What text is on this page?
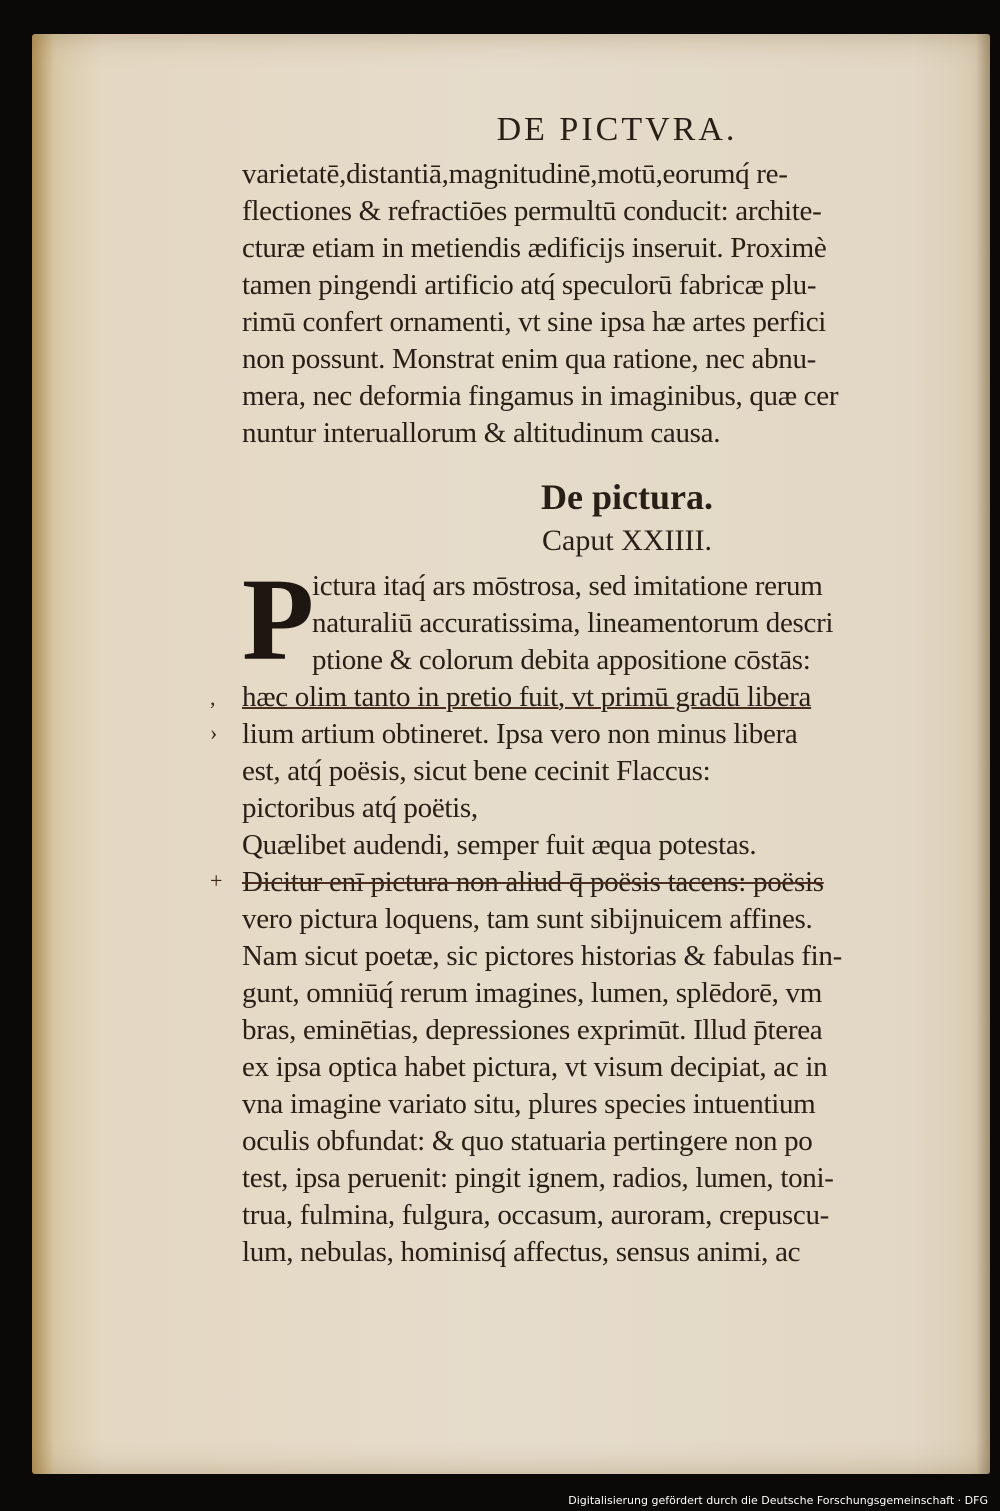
DE PICTVRA.
varietatē,distantiā,magnitudinē,motū,eorumq́ re-
flectiones & refractiōes permultū conducit: archite-
cturæ etiam in metiendis ædificijs inseruit. Proximè
tamen pingendi artificio atq́ speculorū fabricæ plu-
rimū confert ornamenti, vt sine ipsa hæ artes perfici
non possunt. Monstrat enim qua ratione, nec abnu-
mera, nec deformia fingamus in imaginibus, quæ cer
nuntur interuallorum & altitudinum causa.
De pictura.
Caput XXIIII.
P
ictura itaq́ ars mōstrosa, sed imitatione rerum
naturaliū accuratissima, lineamentorum descri
ptione & colorum debita appositione cōstās:
, hæc olim tanto in pretio fuit, vt primū gradū libera
› lium artium obtineret. Ipsa vero non minus libera
est, atq́ poësis, sicut bene cecinit Flaccus:
pictoribus atq́ poëtis,
Quælibet audendi, semper fuit æqua potestas.
+ Dicitur enī pictura non aliud q̄ poësis tacens: poësis
vero pictura loquens, tam sunt sibijnuicem affines.
Nam sicut poetæ, sic pictores historias & fabulas fin-
gunt, omniūq́ rerum imagines, lumen, splēdorē, vm
bras, eminētias, depressiones exprimūt. Illud p̄terea
ex ipsa optica habet pictura, vt visum decipiat, ac in
vna imagine variato situ, plures species intuentium
oculis obfundat: & quo statuaria pertingere non po
test, ipsa peruenit: pingit ignem, radios, lumen, toni-
trua, fulmina, fulgura, occasum, auroram, crepuscu-
lum, nebulas, hominisq́ affectus, sensus animi, ac
Digitalisierung gefördert durch die Deutsche Forschungsgemeinschaft · DFG
